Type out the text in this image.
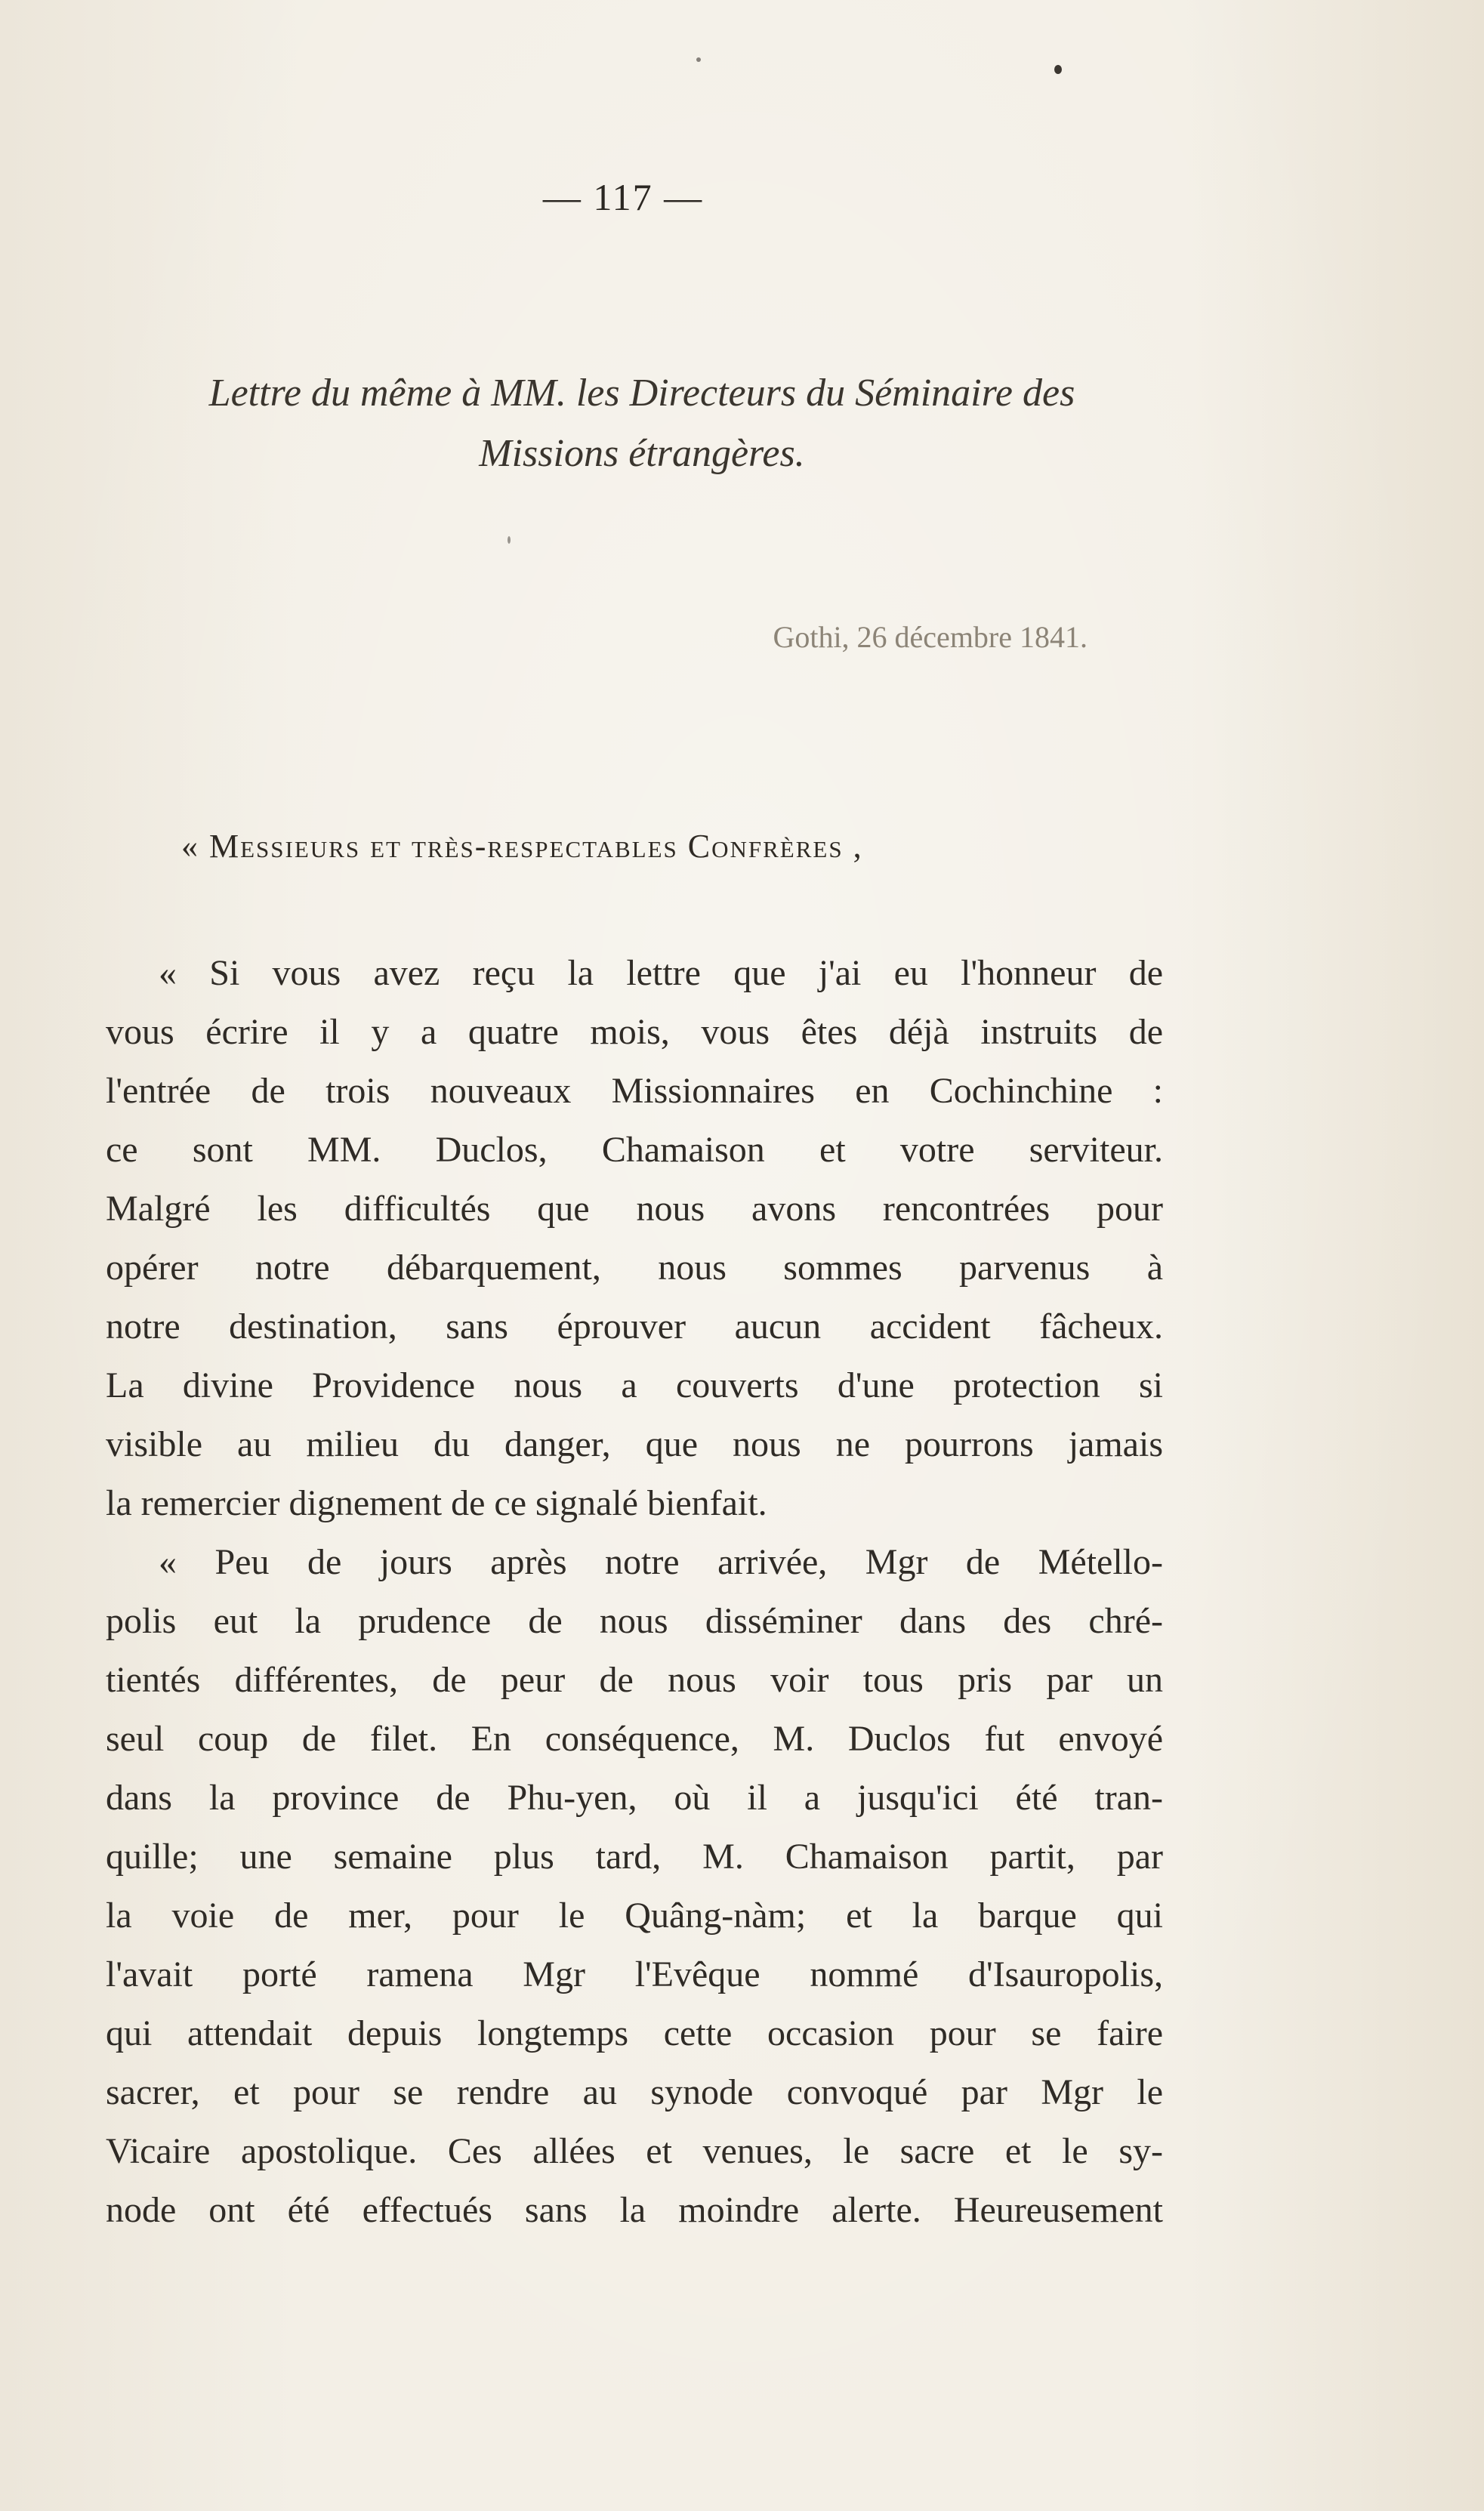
— 117 —
Lettre du même à MM. les Directeurs du Séminaire des
Missions étrangères.
Gothi, 26 décembre 1841.
« Messieurs et très-respectables Confrères ,
« Si vous avez reçu la lettre que j'ai eu l'honneur de
vous écrire il y a quatre mois, vous êtes déjà instruits de
l'entrée de trois nouveaux Missionnaires en Cochinchine :
ce sont MM. Duclos, Chamaison et votre serviteur.
Malgré les difficultés que nous avons rencontrées pour
opérer notre débarquement, nous sommes parvenus à
notre destination, sans éprouver aucun accident fâcheux.
La divine Providence nous a couverts d'une protection si
visible au milieu du danger, que nous ne pourrons jamais
la remercier dignement de ce signalé bienfait.
« Peu de jours après notre arrivée, Mgr de Métello-
polis eut la prudence de nous disséminer dans des chré-
tientés différentes, de peur de nous voir tous pris par un
seul coup de filet. En conséquence, M. Duclos fut envoyé
dans la province de Phu-yen, où il a jusqu'ici été tran-
quille; une semaine plus tard, M. Chamaison partit, par
la voie de mer, pour le Quâng-nàm; et la barque qui
l'avait porté ramena Mgr l'Evêque nommé d'Isauropolis,
qui attendait depuis longtemps cette occasion pour se faire
sacrer, et pour se rendre au synode convoqué par Mgr le
Vicaire apostolique. Ces allées et venues, le sacre et le sy-
node ont été effectués sans la moindre alerte. Heureusement
